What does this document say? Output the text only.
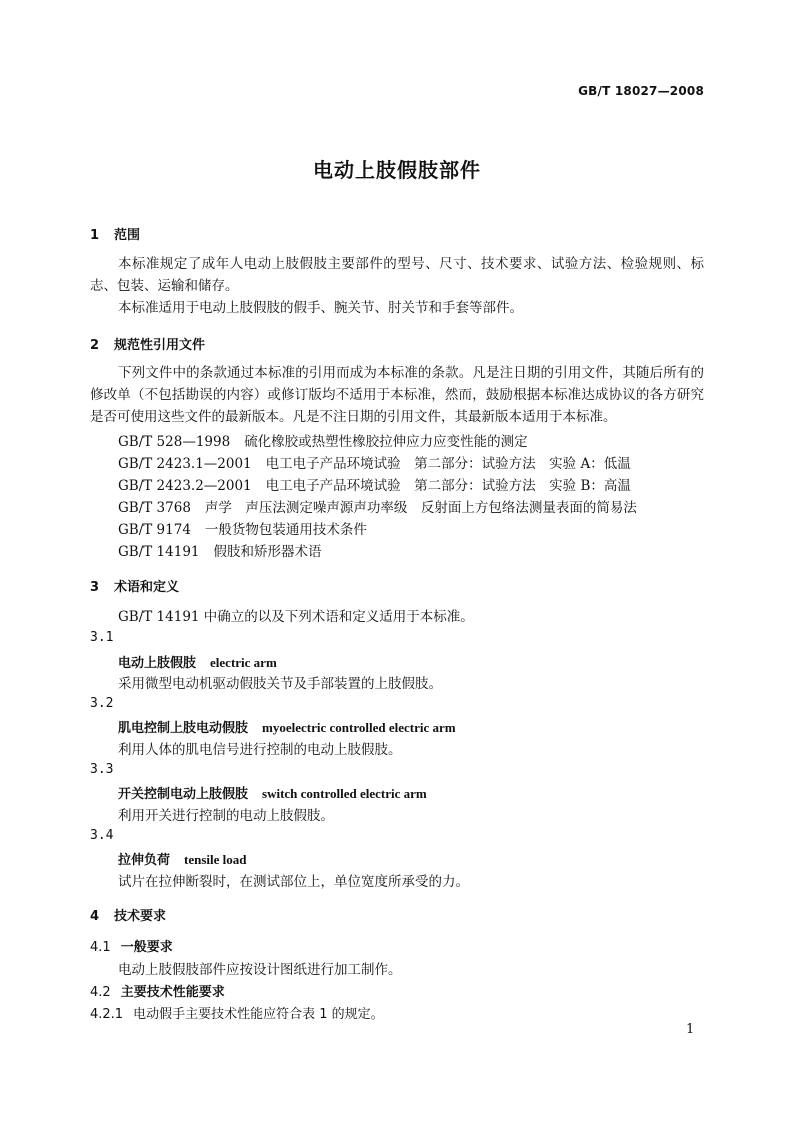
GB/T 18027—2008
电动上肢假肢部件
1 范围

本标准规定了成年人电动上肢假肢主要部件的型号、尺寸、技术要求、试验方法、检验规则、标志、包装、运输和储存。

本标准适用于电动上肢假肢的假手、腕关节、肘关节和手套等部件。

2 规范性引用文件

下列文件中的条款通过本标准的引用而成为本标准的条款。凡是注日期的引用文件，其随后所有的修改单（不包括勘误的内容）或修订版均不适用于本标准，然而，鼓励根据本标准达成协议的各方研究是否可使用这些文件的最新版本。凡是不注日期的引用文件，其最新版本适用于本标准。

GB/T 528—1998 硫化橡胶或热塑性橡胶拉伸应力应变性能的测定
GB/T 2423.1—2001 电工电子产品环境试验　第二部分：试验方法　实验 A：低温
GB/T 2423.2—2001 电工电子产品环境试验　第二部分：试验方法　实验 B：高温
GB/T 3768 声学　声压法测定噪声源声功率级　反射面上方包络法测量表面的简易法
GB/T 9174 一般货物包装通用技术条件
GB/T 14191 假肢和矫形器术语
3 术语和定义
GB/T 14191 中确立的以及下列术语和定义适用于本标准。
3.1
电动上肢假肢 electric arm
采用微型电动机驱动假肢关节及手部装置的上肢假肢。
3.2
肌电控制上肢电动假肢 myoelectric controlled electric arm
利用人体的肌电信号进行控制的电动上肢假肢。
3.3
开关控制电动上肢假肢 switch controlled electric arm
利用开关进行控制的电动上肢假肢。
3.4
拉伸负荷 tensile load
试片在拉伸断裂时，在测试部位上，单位宽度所承受的力。
4 技术要求
4.1 一般要求
电动上肢假肢部件应按设计图纸进行加工制作。
4.2 主要技术性能要求
4.2.1 电动假手主要技术性能应符合表 1 的规定。
1
